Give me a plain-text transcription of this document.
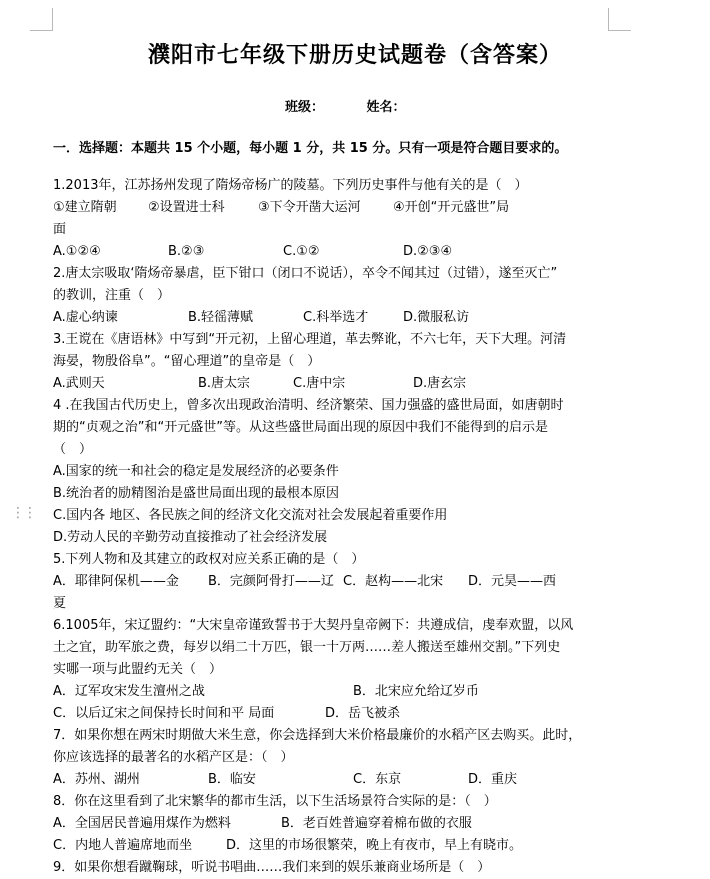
⋮⋮
濮阳市七年级下册历史试题卷（含答案）
班级：	姓名：
一．选择题：本题共 15 个小题，每小题 1 分，共 15 分。只有一项是符合题目要求的。
1.2013年，江苏扬州发现了隋炀帝杨广的陵墓。下列历史事件与他有关的是（　）
①建立隋朝	②设置进士科	③下令开凿大运河	④开创“开元盛世”局
面
A.①②④	B.②③	C.①②	D.②③④
2.唐太宗吸取‘隋炀帝暴虐，臣下钳口（闭口不说话），卒令不闻其过（过错），遂至灭亡”
的教训，注重（　）
A.虚心纳谏	B.轻徭薄赋	C.科举选才	D.微服私访
3.王谠在《唐语林》中写到“开元初，上留心理道，革去弊讹，不六七年，天下大理。河清
海晏，物殷俗阜”。“留心理道”的皇帝是（　）
A.武则天	B.唐太宗	C.唐中宗	D.唐玄宗
4 .在我国古代历史上，曾多次出现政治清明、经济繁荣、国力强盛的盛世局面，如唐朝时
期的“贞观之治”和“开元盛世”等。从这些盛世局面出现的原因中我们不能得到的启示是
（　）
A.国家的统一和社会的稳定是发展经济的必要条件
B.统治者的励精图治是盛世局面出现的最根本原因
C.国内各 地区、各民族之间的经济文化交流对社会发展起着重要作用
D.劳动人民的辛勤劳动直接推动了社会经济发展
5.下列人物和及其建立的政权对应关系正确的是（　）
A．耶律阿保机——金	B．完颜阿骨打——辽 C．赵构——北宋	D．元昊——西
夏
6.1005年，宋辽盟约：“大宋皇帝谨致誓书于大契丹皇帝阙下：共遵成信，虔奉欢盟，以风
土之宜，助军旅之费，每岁以绢二十万匹，银一十万两……差人搬送至雄州交割。”下列史
实哪一项与此盟约无关（　）
A．辽军攻宋发生澶州之战	B．北宋应允给辽岁币
C．以后辽宋之间保持长时间和平 局面	D．岳飞被杀
7．如果你想在两宋时期做大米生意，你会选择到大米价格最廉价的水稻产区去购买。此时，
你应该选择的最著名的水稻产区是：（　）
A．苏州、湖州	B．临安	C．东京	D．重庆
8．你在这里看到了北宋繁华的都市生活，以下生活场景符合实际的是：（　）
A．全国居民普遍用煤作为燃料	B．老百姓普遍穿着棉布做的衣服
C．内地人普遍席地而坐	D．这里的市场很繁荣，晚上有夜市，早上有晓市。
9．如果你想看蹴鞠球，听说书唱曲……我们来到的娱乐兼商业场所是（　）
